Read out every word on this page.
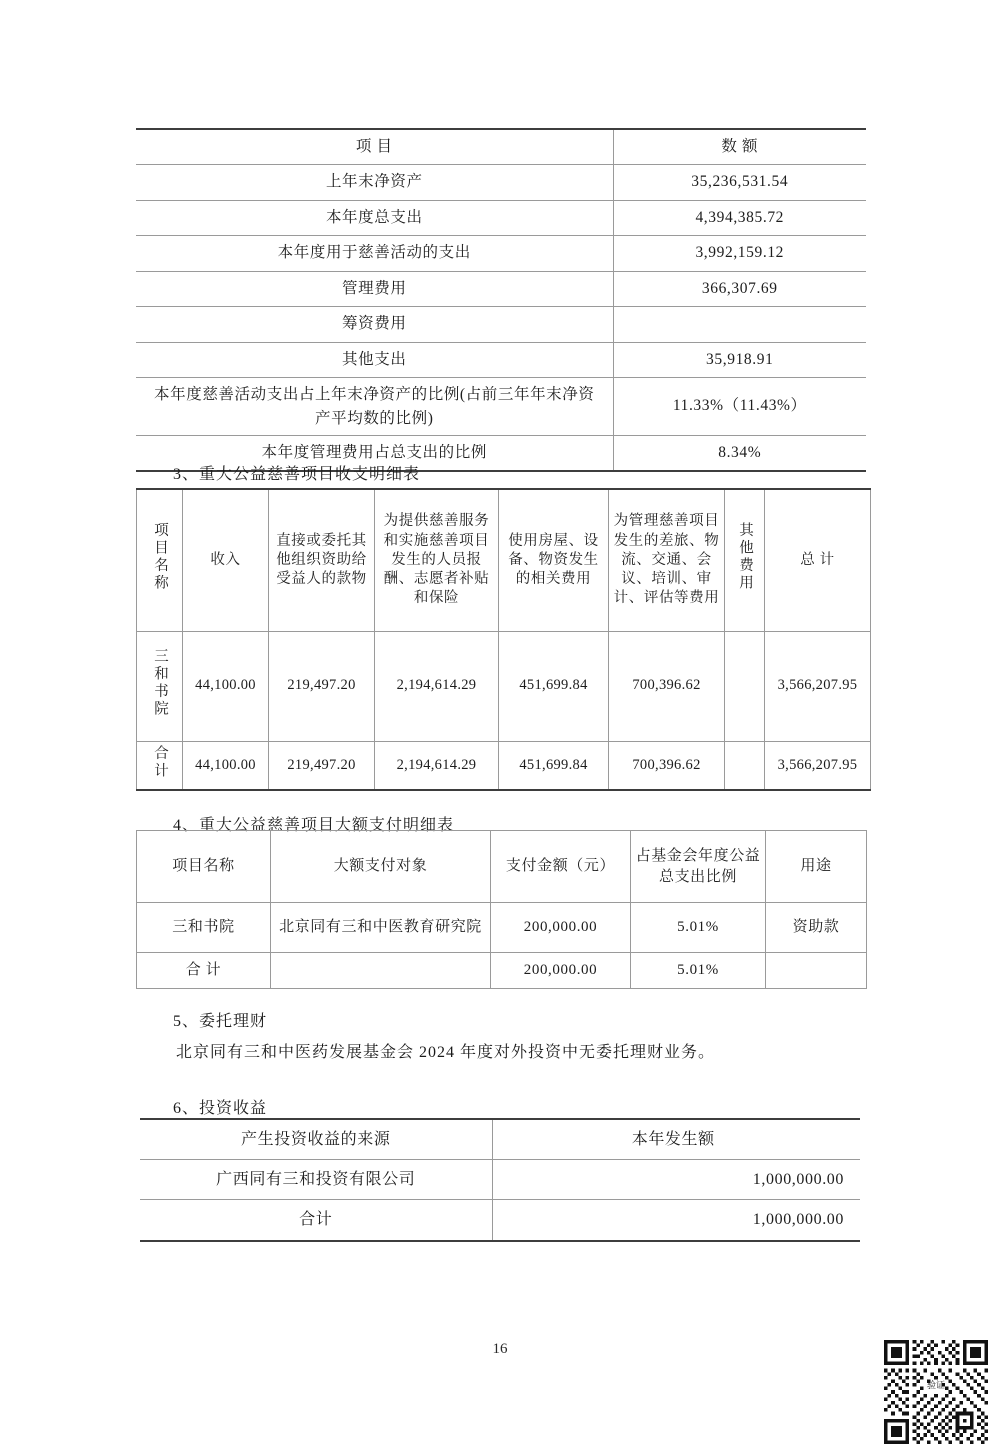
项 目	数 额
上年末净资产	35,236,531.54
本年度总支出	4,394,385.72
本年度用于慈善活动的支出	3,992,159.12
管理费用	366,307.69
筹资费用	
其他支出	35,918.91
本年度慈善活动支出占上年末净资产的比例(占前三年年末净资产平均数的比例)	11.33%（11.43%）
本年度管理费用占总支出的比例	8.34%
3、重大公益慈善项目收支明细表
项目名称	收入	直接或委托其他组织资助给受益人的款物	为提供慈善服务和实施慈善项目发生的人员报酬、志愿者补贴和保险	使用房屋、设备、物资发生的相关费用	为管理慈善项目发生的差旅、物流、交通、会议、培训、审计、评估等费用	其他费用	总 计
三和书院	44,100.00	219,497.20	2,194,614.29	451,699.84	700,396.62		3,566,207.95
合计	44,100.00	219,497.20	2,194,614.29	451,699.84	700,396.62		3,566,207.95
4、重大公益慈善项目大额支付明细表
项目名称	大额支付对象	支付金额（元）	占基金会年度公益总支出比例	用途
三和书院	北京同有三和中医教育研究院	200,000.00	5.01%	资助款
合 计		200,000.00	5.01%	
5、委托理财
北京同有三和中医药发展基金会 2024 年度对外投资中无委托理财业务。
6、投资收益
产生投资收益的来源	本年发生额
广西同有三和投资有限公司	1,000,000.00
合计	1,000,000.00
16
验证
